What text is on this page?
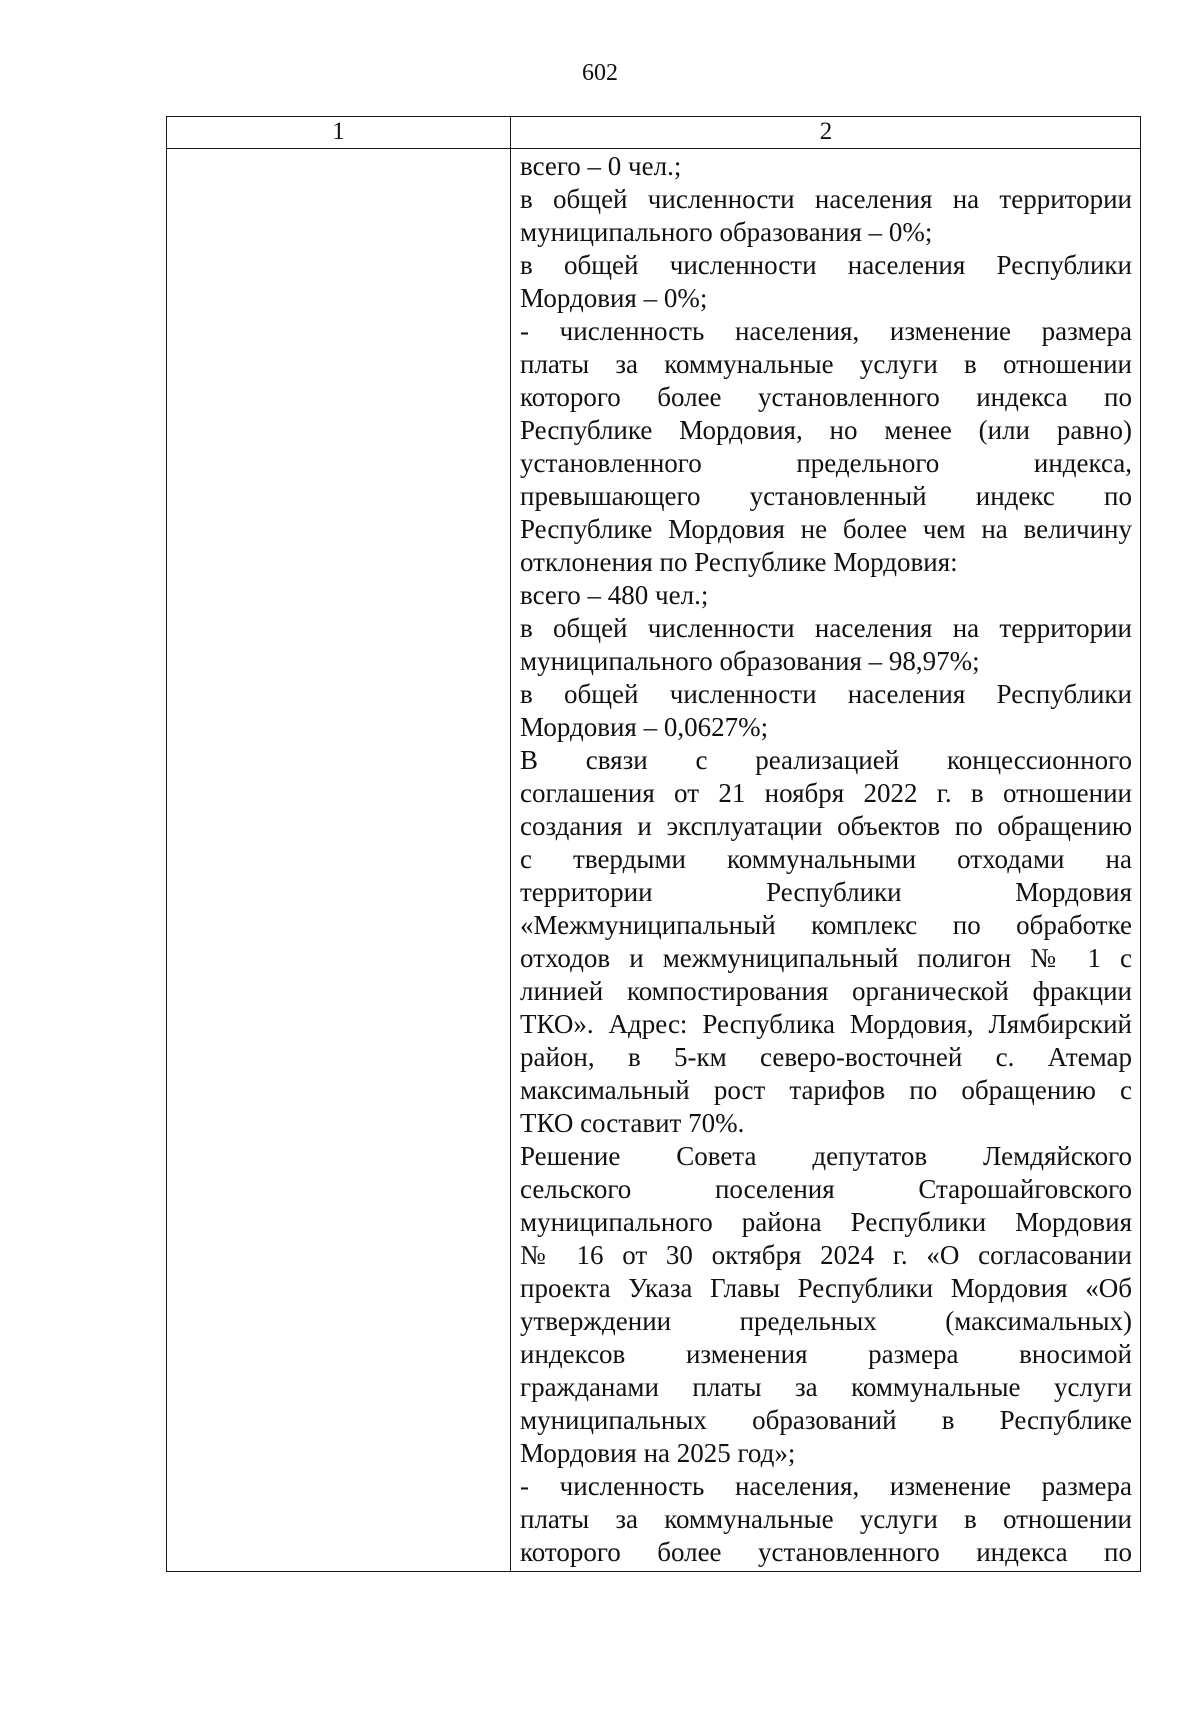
602
1	2
всего – 0 чел.;
в общей численности населения на территории
муниципального образования – 0%;
в общей численности населения Республики
Мордовия – 0%;
- численность населения, изменение размера
платы за коммунальные услуги в отношении
которого более установленного индекса по
Республике Мордовия, но менее (или равно)
установленного предельного индекса,
превышающего установленный индекс по
Республике Мордовия не более чем на величину
отклонения по Республике Мордовия:
всего – 480 чел.;
в общей численности населения на территории
муниципального образования – 98,97%;
в общей численности населения Республики
Мордовия – 0,0627%;
В связи с реализацией концессионного
соглашения от 21 ноября 2022 г. в отношении
создания и эксплуатации объектов по обращению
с твердыми коммунальными отходами на
территории Республики Мордовия
«Межмуниципальный комплекс по обработке
отходов и межмуниципальный полигон № 1 с
линией компостирования органической фракции
ТКО». Адрес: Республика Мордовия, Лямбирский
район, в 5-км северо-восточней с. Атемар
максимальный рост тарифов по обращению с
ТКО составит 70%.
Решение Совета депутатов Лемдяйского
сельского поселения Старошайговского
муниципального района Республики Мордовия
№ 16 от 30 октября 2024 г. «О согласовании
проекта Указа Главы Республики Мордовия «Об
утверждении предельных (максимальных)
индексов изменения размера вносимой
гражданами платы за коммунальные услуги
муниципальных образований в Республике
Мордовия на 2025 год»;
- численность населения, изменение размера
платы за коммунальные услуги в отношении
которого более установленного индекса по
